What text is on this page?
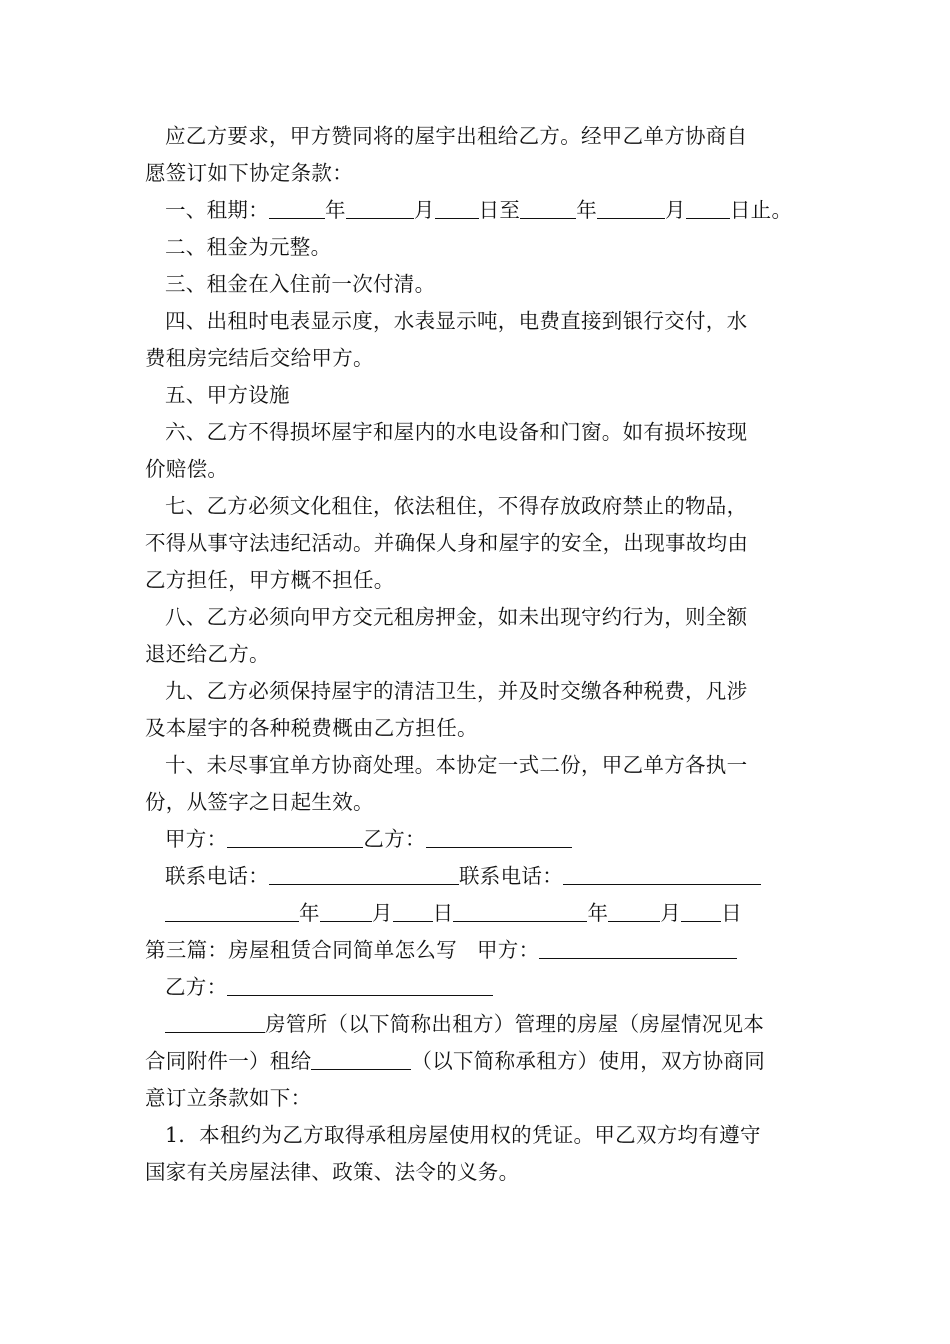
应乙方要求，甲方赞同将的屋宇出租给乙方。经甲乙单方协商自
愿签订如下协定条款：
一、租期：	年	月 日至	年	月 日止。
二、租金为元整。
三、租金在入住前一次付清。
四、出租时电表显示度，水表显示吨，电费直接到银行交付，水
费租房完结后交给甲方。
五、甲方设施
六、乙方不得损坏屋宇和屋内的水电设备和门窗。如有损坏按现
价赔偿。
七、乙方必须文化租住，依法租住，不得存放政府禁止的物品，
不得从事守法违纪活动。并确保人身和屋宇的安全，出现事故均由
乙方担任，甲方概不担任。
八、乙方必须向甲方交元租房押金，如未出现守约行为，则全额
退还给乙方。
九、乙方必须保持屋宇的清洁卫生，并及时交缴各种税费，凡涉
及本屋宇的各种税费概由乙方担任。
十、未尽事宜单方协商处理。本协定一式二份，甲乙单方各执一
份，从签字之日起生效。
甲方：	乙方：
联系电话：	联系电话：
年	月 日	年	月 日
第三篇：房屋租赁合同简单怎么写 甲方：
乙方：
房管所（以下简称出租方）管理的房屋（房屋情况见本
合同附件一）租给	（以下简称承租方）使用，双方协商同
意订立条款如下：
1．本租约为乙方取得承租房屋使用权的凭证。甲乙双方均有遵守
国家有关房屋法律、政策、法令的义务。
